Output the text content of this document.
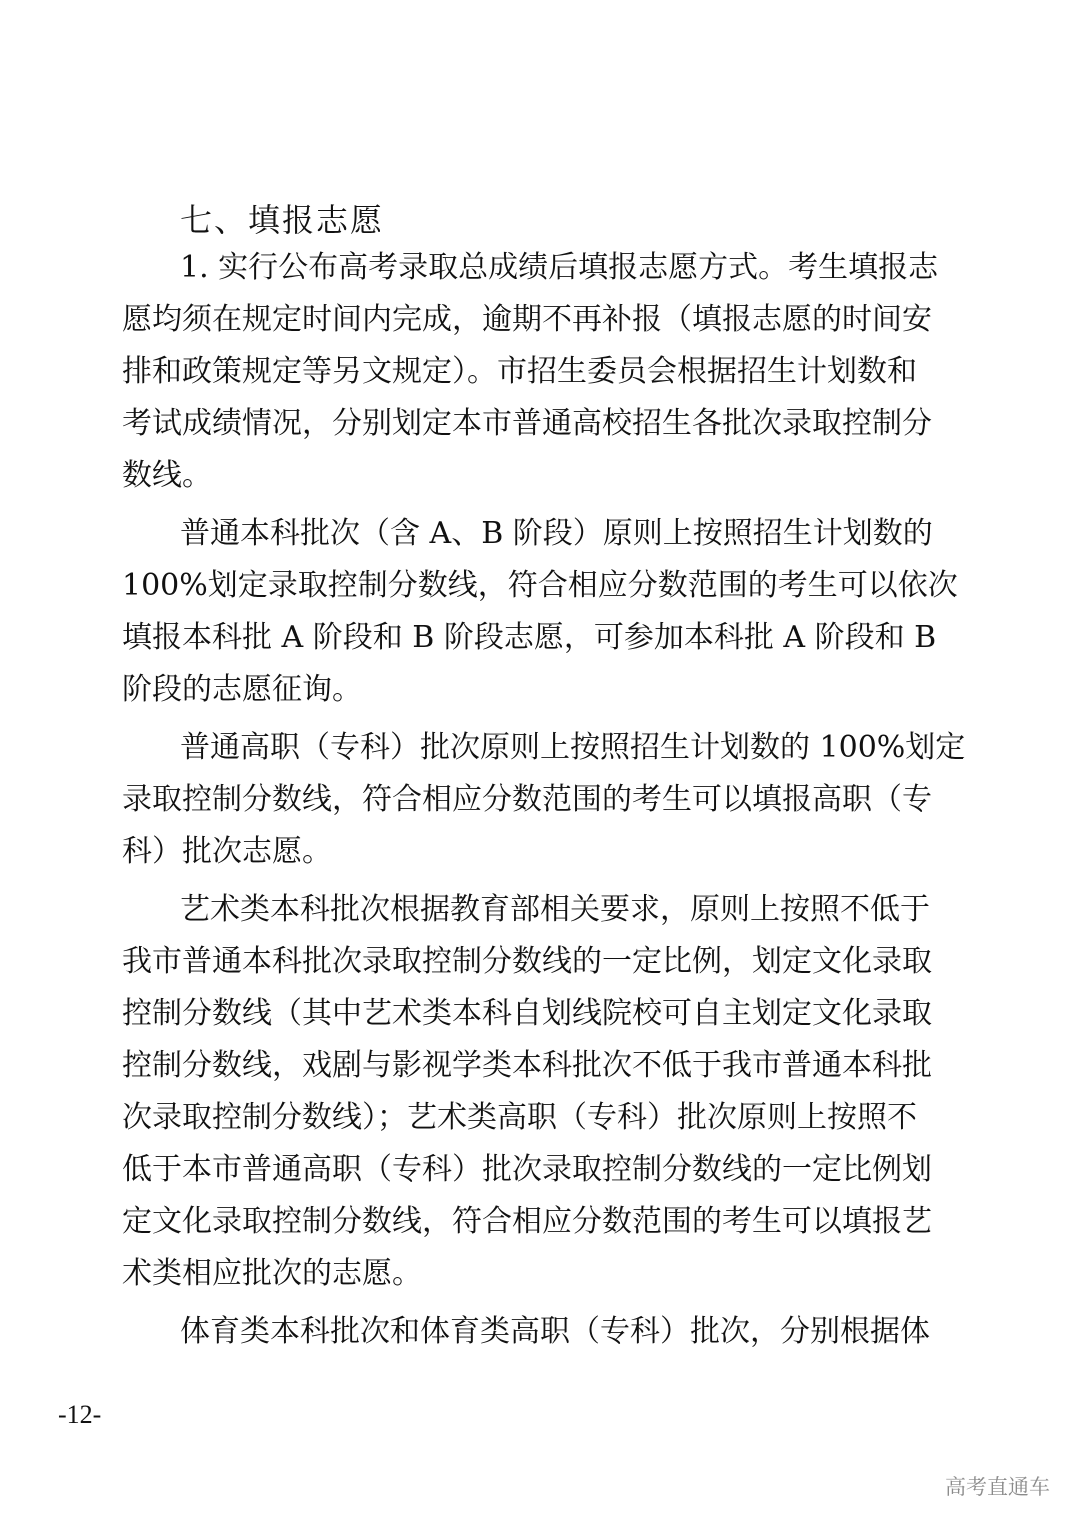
七、填报志愿
1. 实行公布高考录取总成绩后填报志愿方式。考生填报志
愿均须在规定时间内完成，逾期不再补报（填报志愿的时间安
排和政策规定等另文规定）。市招生委员会根据招生计划数和
考试成绩情况，分别划定本市普通高校招生各批次录取控制分
数线。
普通本科批次（含 A、B 阶段）原则上按照招生计划数的
100%划定录取控制分数线，符合相应分数范围的考生可以依次
填报本科批 A 阶段和 B 阶段志愿，可参加本科批 A 阶段和 B
阶段的志愿征询。
普通高职（专科）批次原则上按照招生计划数的 100%划定
录取控制分数线，符合相应分数范围的考生可以填报高职（专
科）批次志愿。
艺术类本科批次根据教育部相关要求，原则上按照不低于
我市普通本科批次录取控制分数线的一定比例，划定文化录取
控制分数线（其中艺术类本科自划线院校可自主划定文化录取
控制分数线，戏剧与影视学类本科批次不低于我市普通本科批
次录取控制分数线）；艺术类高职（专科）批次原则上按照不
低于本市普通高职（专科）批次录取控制分数线的一定比例划
定文化录取控制分数线，符合相应分数范围的考生可以填报艺
术类相应批次的志愿。
体育类本科批次和体育类高职（专科）批次，分别根据体
-12-
高考直通车
